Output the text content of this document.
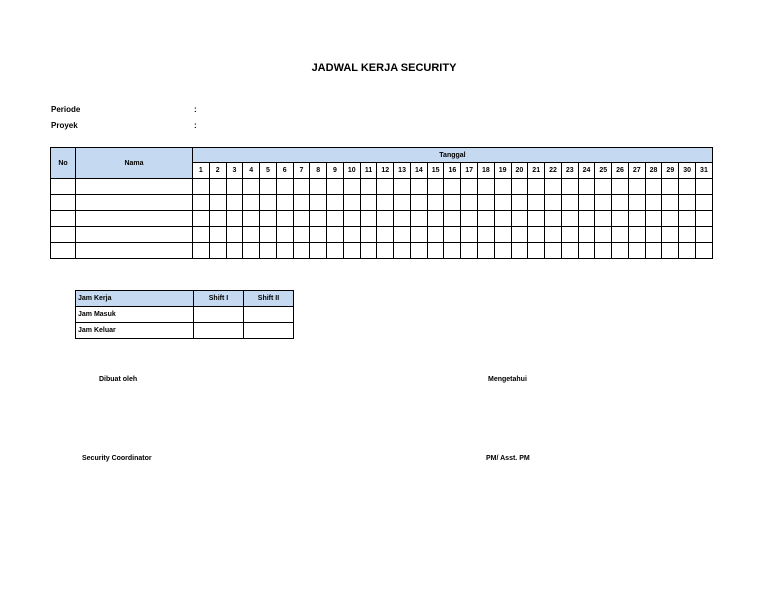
JADWAL KERJA SECURITY
Periode	:
Proyek	:
No	Nama	Tanggal																														
		1	2	3	4	5	6	7	8	9	10	11	12	13	14	15	16	17	18	19	20	21	22	23	24	25	26	27	28	29	30	31

Jam Kerja	Shift I	Shift II
Jam Masuk		
Jam Keluar		
Dibuat oleh
Security Coordinator
Mengetahui
PM/ Asst. PM
